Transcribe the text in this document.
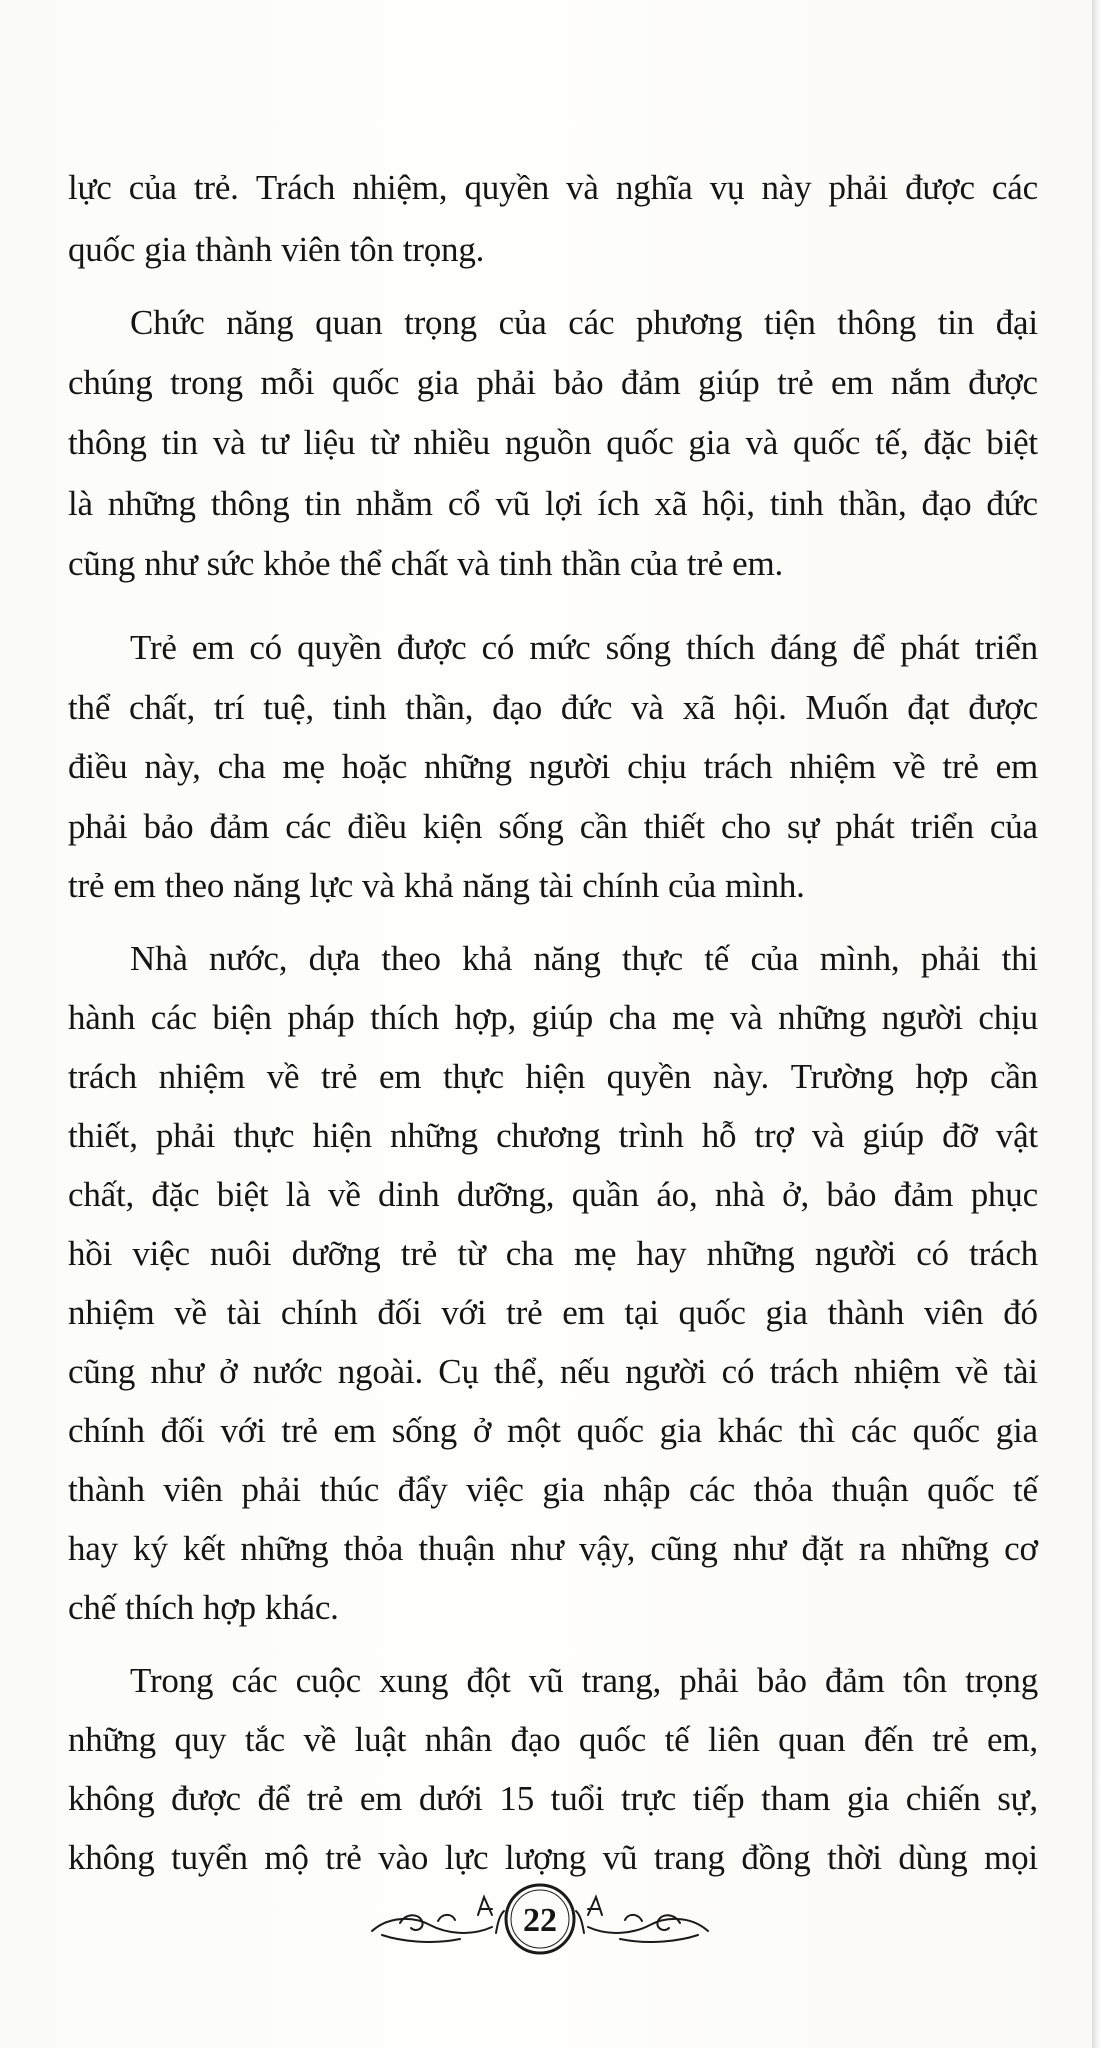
lực của trẻ. Trách nhiệm, quyền và nghĩa vụ này phải được các
quốc gia thành viên tôn trọng.
Chức năng quan trọng của các phương tiện thông tin đại
chúng trong mỗi quốc gia phải bảo đảm giúp trẻ em nắm được
thông tin và tư liệu từ nhiều nguồn quốc gia và quốc tế, đặc biệt
là những thông tin nhằm cổ vũ lợi ích xã hội, tinh thần, đạo đức
cũng như sức khỏe thể chất và tinh thần của trẻ em.
Trẻ em có quyền được có mức sống thích đáng để phát triển
thể chất, trí tuệ, tinh thần, đạo đức và xã hội. Muốn đạt được
điều này, cha mẹ hoặc những người chịu trách nhiệm về trẻ em
phải bảo đảm các điều kiện sống cần thiết cho sự phát triển của
trẻ em theo năng lực và khả năng tài chính của mình.
Nhà nước, dựa theo khả năng thực tế của mình, phải thi
hành các biện pháp thích hợp, giúp cha mẹ và những người chịu
trách nhiệm về trẻ em thực hiện quyền này. Trường hợp cần
thiết, phải thực hiện những chương trình hỗ trợ và giúp đỡ vật
chất, đặc biệt là về dinh dưỡng, quần áo, nhà ở, bảo đảm phục
hồi việc nuôi dưỡng trẻ từ cha mẹ hay những người có trách
nhiệm về tài chính đối với trẻ em tại quốc gia thành viên đó
cũng như ở nước ngoài. Cụ thể, nếu người có trách nhiệm về tài
chính đối với trẻ em sống ở một quốc gia khác thì các quốc gia
thành viên phải thúc đẩy việc gia nhập các thỏa thuận quốc tế
hay ký kết những thỏa thuận như vậy, cũng như đặt ra những cơ
chế thích hợp khác.
Trong các cuộc xung đột vũ trang, phải bảo đảm tôn trọng
những quy tắc về luật nhân đạo quốc tế liên quan đến trẻ em,
không được để trẻ em dưới 15 tuổi trực tiếp tham gia chiến sự,
không tuyển mộ trẻ vào lực lượng vũ trang đồng thời dùng mọi
22
